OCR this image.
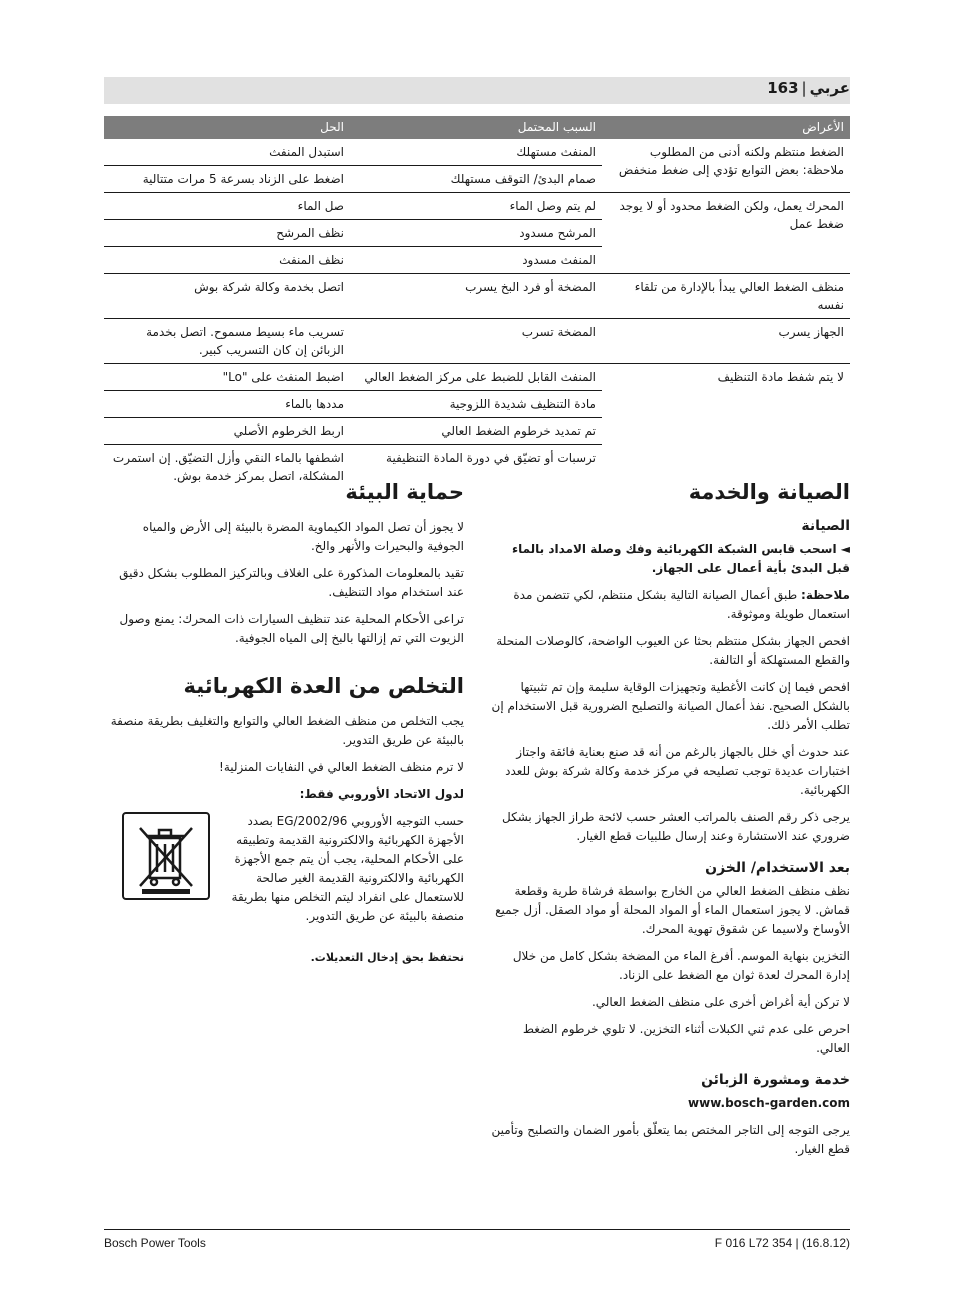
عربي|163
الأعراض
السبب المحتمل
الحل
الضغط منتظم ولكنه أدنى من المطلوب
ملاحظة: بعض التوابع تؤدي إلى ضغط منخفض
المنفث مستهلك
استبدل المنفث
صمام البدئ/ التوقف مستهلك
اضغط على الزناد بسرعة 5 مرات متتالية
المحرك يعمل، ولكن الضغط محدود أو لا يوجد ضغط عمل
لم يتم وصل الماء
صل الماء
المرشح مسدود
نظف المرشح
المنفث مسدود
نظف المنفث
منظف الضغط العالي يبدأ بالإدارة من تلقاء نفسه
المضخة أو فرد البخ يسرب
اتصل بخدمة وكالة شركة بوش
الجهاز يسرب
المضخة تسرب
تسريب ماء بسيط مسموح. اتصل بخدمة الزبائن إن كان التسريب كبير.
لا يتم شفط مادة التنظيف
المنفث القابل للضبط على مركز الضغط العالي
اضبط المنفث على "Lo"
مادة التنظيف شديدة اللزوجية
مددها بالماء
تم تمديد خرطوم الضغط العالي
اربط الخرطوم الأصلي
ترسبات أو تضيّق في دورة المادة التنظيفية
اشطفها بالماء النقي وأزل التضيّق. إن استمرت المشكلة، اتصل بمركز خدمة بوش.
الصيانة والخدمة
الصيانة

◄ اسحب قابس الشبكة الكهربائية وفك وصلة الامداد بالماء قبل البدئ بأية أعمال على الجهاز.

ملاحظة: طبق أعمال الصيانة التالية بشكل منتظم، لكي تتضمن مدة استعمال طويلة وموثوقة.

افحص الجهاز بشكل منتظم بحثا عن العيوب الواضحة، كالوصلات المنحلة والقطع المستهلكة أو التالفة.

افحص فيما إن كانت الأغطية وتجهيزات الوقاية سليمة وإن تم تثبيتها بالشكل الصحيح. نفذ أعمال الصيانة والتصليح الضرورية قبل الاستخدام إن تطلب الأمر ذلك.

عند حدوث أي خلل بالجهاز بالرغم من أنه قد صنع بعناية فائقة واجتاز اختبارات عديدة توجب تصليحه في مركز خدمة وكالة شركة بوش للعدد الكهربائية.

يرجى ذكر رقم الصنف بالمراتب العشر حسب لائحة طراز الجهاز بشكل ضروري عند الاستشارة وعند إرسال طلبيات قطع الغيار.

بعد الاستخدام/ الخزن

نظف منظف الضغط العالي من الخارج بواسطة فرشاة طرية وقطعة قماش. لا يجوز استعمال الماء أو المواد المحلة أو مواد الصقل. أزل جميع الأوساخ ولاسيما عن شقوق تهوية المحرك.

التخزين بنهاية الموسم. أفرغ الماء من المضخة بشكل كامل من خلال إدارة المحرك لعدة ثوان مع الضغط على الزناد.

لا تركن أية أغراض أخرى على منظف الضغط العالي.

احرص على عدم ثني الكبلات أثناء التخزين. لا تلوي خرطوم الضغط العالي.

خدمة ومشورة الزبائن

www.bosch-garden.com

يرجى التوجه إلى التاجر المختص بما يتعلّق بأمور الضمان والتصليح وتأمين قطع الغيار.

حماية البيئة

لا يجوز أن تصل المواد الكيماوية المضرة بالبيئة إلى الأرض والمياه الجوفية والبحيرات والأنهر والخ.

تقيد بالمعلومات المذكورة على الغلاف وبالتركيز المطلوب بشكل دقيق عند استخدام مواد التنظيف.

تراعى الأحكام المحلية عند تنظيف السيارات ذات المحرك: يمنع وصول الزيوت التي تم إزالتها بالبخ إلى المياه الجوفية.

التخلص من العدة الكهربائية

يجب التخلص من منظف الضغط العالي والتوابع والتغليف بطريقة منصفة بالبيئة عن طريق التدوير.

لا ترم منظف الضغط العالي في النفايات المنزلية!

لدول الاتحاد الأوروبي فقط:

حسب التوجيه الأوروبي 2002/96/EG بصدد الأجهزة الكهربائية والالكترونية القديمة وتطبيقه على الأحكام المحلية، يجب أن يتم جمع الأجهزة الكهربائية والالكترونية القديمة الغير صالحة للاستعمال على انفراد ليتم التخلص منها بطريقة منصفة بالبيئة عن طريق التدوير.

نحتفظ بحق إدخال التعديلات.

Bosch Power Tools	F 016 L72 354 | (16.8.12)
